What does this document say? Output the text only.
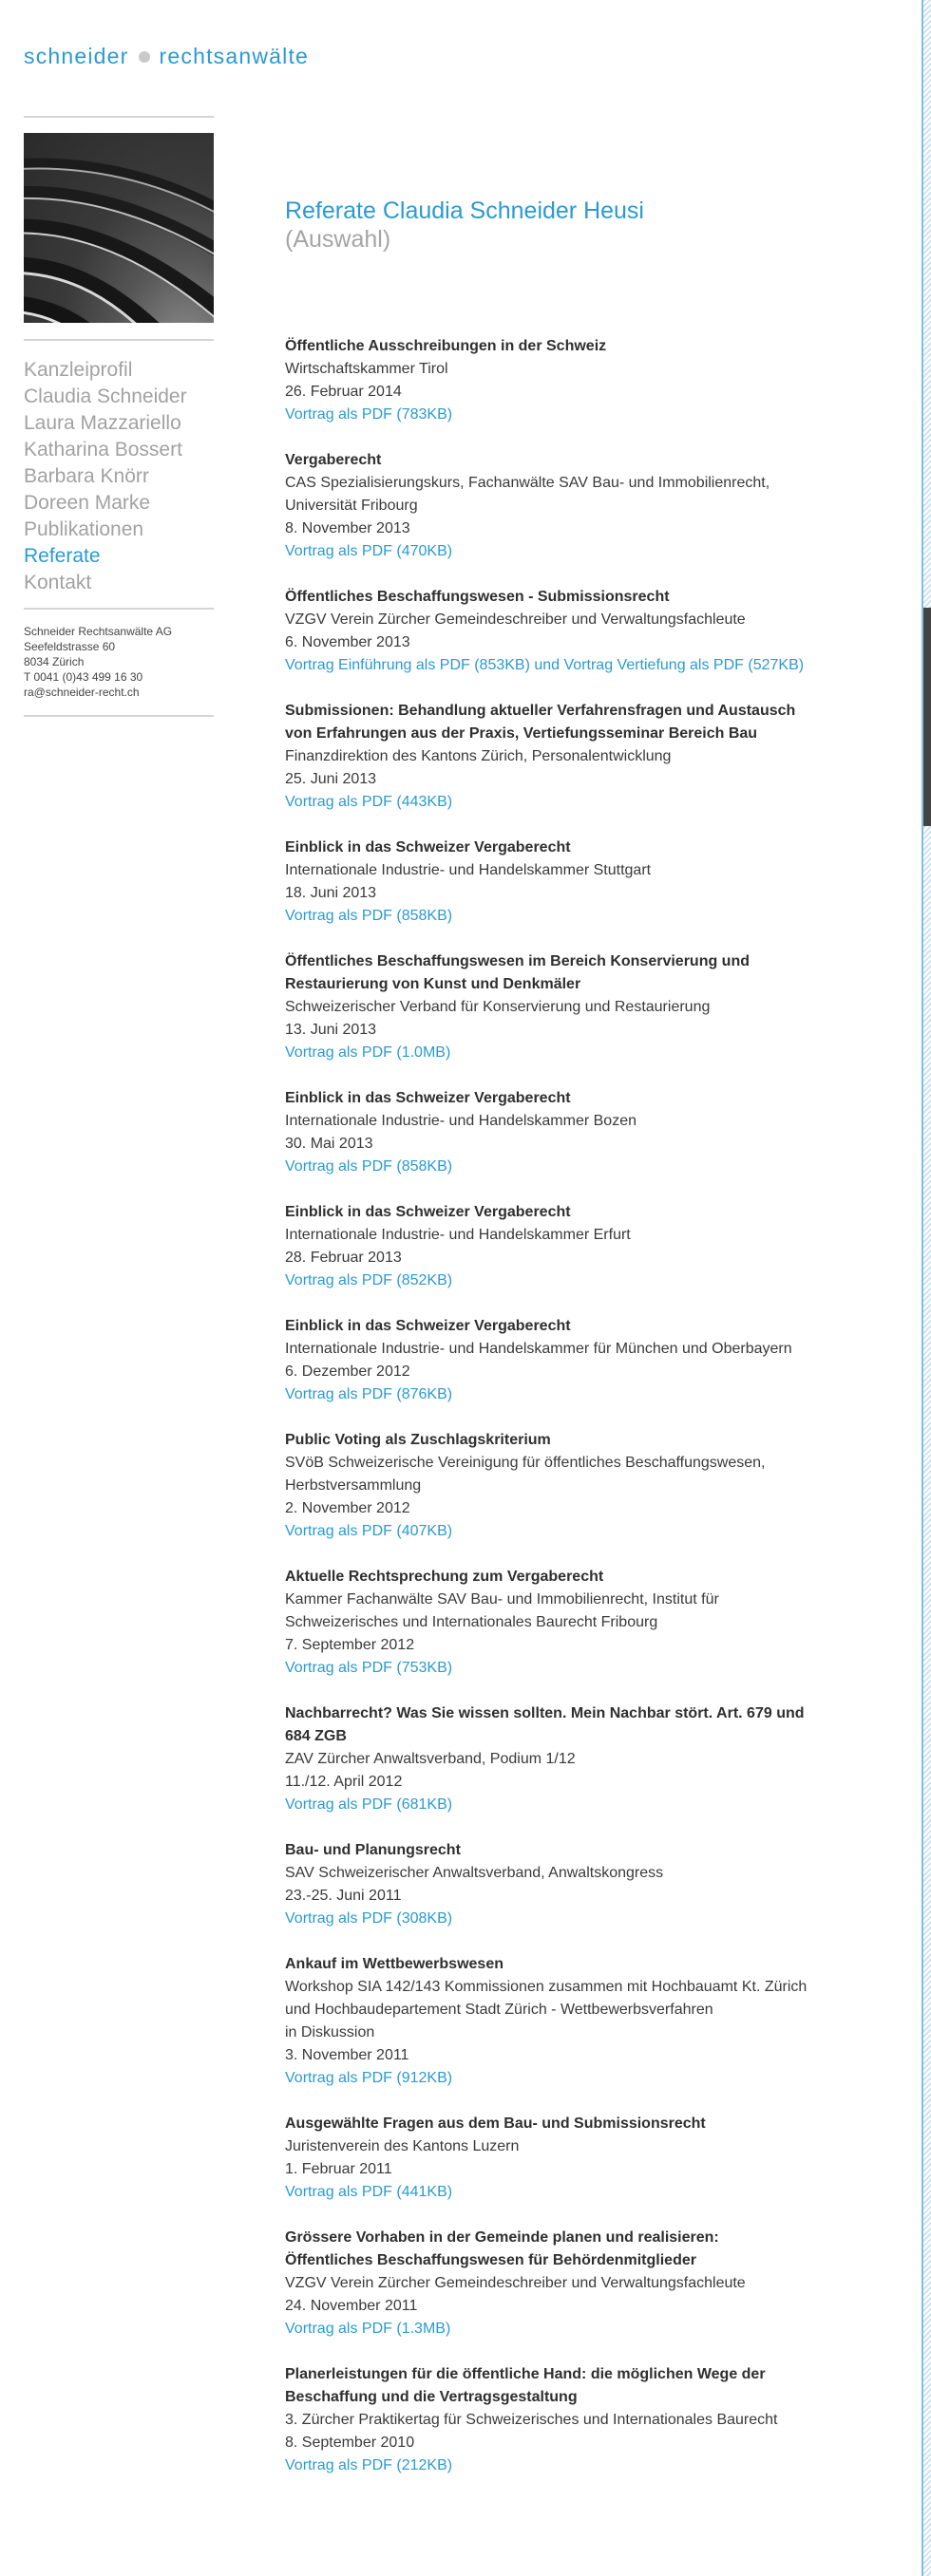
schneider rechtsanwälte
Kanzleiprofil
Claudia Schneider
Laura Mazzariello
Katharina Bossert
Barbara Knörr
Doreen Marke
Publikationen
Referate
Kontakt
Schneider Rechtsanwälte AG
Seefeldstrasse 60
8034 Zürich
T 0041 (0)43 499 16 30
ra@schneider-recht.ch
Referate Claudia Schneider Heusi
(Auswahl)
Öffentliche Ausschreibungen in der Schweiz
Wirtschaftskammer Tirol
26. Februar 2014
Vortrag als PDF (783KB)
Vergaberecht
CAS Spezialisierungskurs, Fachanwälte SAV Bau- und Immobilienrecht,
Universität Fribourg
8. November 2013
Vortrag als PDF (470KB)
Öffentliches Beschaffungswesen - Submissionsrecht
VZGV Verein Zürcher Gemeindeschreiber und Verwaltungsfachleute
6. November 2013
Vortrag Einführung als PDF (853KB) und Vortrag Vertiefung als PDF (527KB)
Submissionen: Behandlung aktueller Verfahrensfragen und Austausch
von Erfahrungen aus der Praxis, Vertiefungsseminar Bereich Bau
Finanzdirektion des Kantons Zürich, Personalentwicklung
25. Juni 2013
Vortrag als PDF (443KB)
Einblick in das Schweizer Vergaberecht
Internationale Industrie- und Handelskammer Stuttgart
18. Juni 2013
Vortrag als PDF (858KB)
Öffentliches Beschaffungswesen im Bereich Konservierung und
Restaurierung von Kunst und Denkmäler
Schweizerischer Verband für Konservierung und Restaurierung
13. Juni 2013
Vortrag als PDF (1.0MB)
Einblick in das Schweizer Vergaberecht
Internationale Industrie- und Handelskammer Bozen
30. Mai 2013
Vortrag als PDF (858KB)
Einblick in das Schweizer Vergaberecht
Internationale Industrie- und Handelskammer Erfurt
28. Februar 2013
Vortrag als PDF (852KB)
Einblick in das Schweizer Vergaberecht
Internationale Industrie- und Handelskammer für München und Oberbayern
6. Dezember 2012
Vortrag als PDF (876KB)
Public Voting als Zuschlagskriterium
SVöB Schweizerische Vereinigung für öffentliches Beschaffungswesen,
Herbstversammlung
2. November 2012
Vortrag als PDF (407KB)
Aktuelle Rechtsprechung zum Vergaberecht
Kammer Fachanwälte SAV Bau- und Immobilienrecht, Institut für
Schweizerisches und Internationales Baurecht Fribourg
7. September 2012
Vortrag als PDF (753KB)
Nachbarrecht? Was Sie wissen sollten. Mein Nachbar stört. Art. 679 und
684 ZGB
ZAV Zürcher Anwaltsverband, Podium 1/12
11./12. April 2012
Vortrag als PDF (681KB)
Bau- und Planungsrecht
SAV Schweizerischer Anwaltsverband, Anwaltskongress
23.-25. Juni 2011
Vortrag als PDF (308KB)
Ankauf im Wettbewerbswesen
Workshop SIA 142/143 Kommissionen zusammen mit Hochbauamt Kt. Zürich
und Hochbaudepartement Stadt Zürich - Wettbewerbsverfahren
in Diskussion
3. November 2011
Vortrag als PDF (912KB)
Ausgewählte Fragen aus dem Bau- und Submissionsrecht
Juristenverein des Kantons Luzern
1. Februar 2011
Vortrag als PDF (441KB)
Grössere Vorhaben in der Gemeinde planen und realisieren:
Öffentliches Beschaffungswesen für Behördenmitglieder
VZGV Verein Zürcher Gemeindeschreiber und Verwaltungsfachleute
24. November 2011
Vortrag als PDF (1.3MB)
Planerleistungen für die öffentliche Hand: die möglichen Wege der
Beschaffung und die Vertragsgestaltung
3. Zürcher Praktikertag für Schweizerisches und Internationales Baurecht
8. September 2010
Vortrag als PDF (212KB)
